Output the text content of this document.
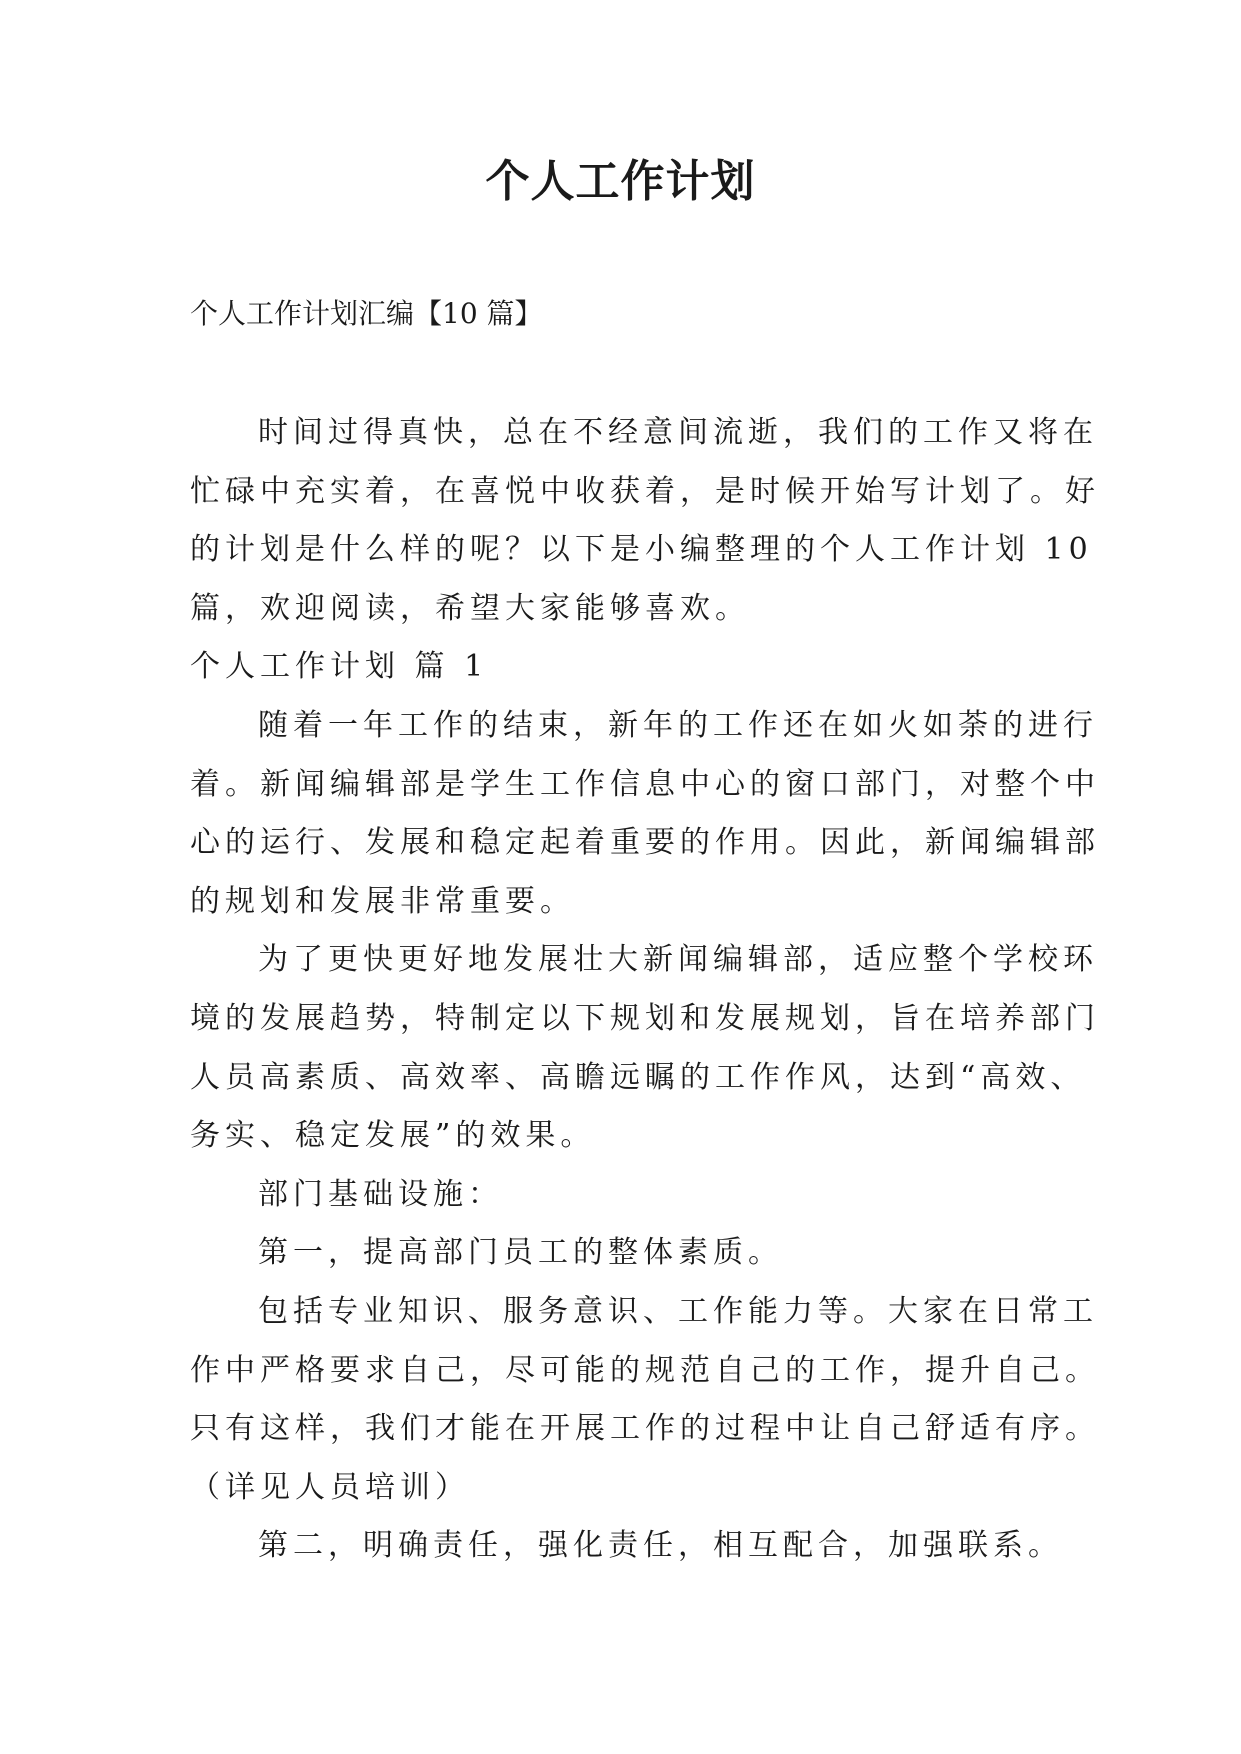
个人工作计划

个人工作计划汇编【10 篇】

时间过得真快，总在不经意间流逝，我们的工作又将在
忙碌中充实着，在喜悦中收获着，是时候开始写计划了。好
的计划是什么样的呢？以下是小编整理的个人工作计划 10
篇，欢迎阅读，希望大家能够喜欢。
个人工作计划 篇 1
随着一年工作的结束，新年的工作还在如火如荼的进行
着。新闻编辑部是学生工作信息中心的窗口部门，对整个中
心的运行、发展和稳定起着重要的作用。因此，新闻编辑部
的规划和发展非常重要。
为了更快更好地发展壮大新闻编辑部，适应整个学校环
境的发展趋势，特制定以下规划和发展规划，旨在培养部门
人员高素质、高效率、高瞻远瞩的工作作风，达到“高效、
务实、稳定发展”的效果。
部门基础设施：
第一，提高部门员工的整体素质。
包括专业知识、服务意识、工作能力等。大家在日常工
作中严格要求自己，尽可能的规范自己的工作，提升自己。
只有这样，我们才能在开展工作的过程中让自己舒适有序。
（详见人员培训）
第二，明确责任，强化责任，相互配合，加强联系。
